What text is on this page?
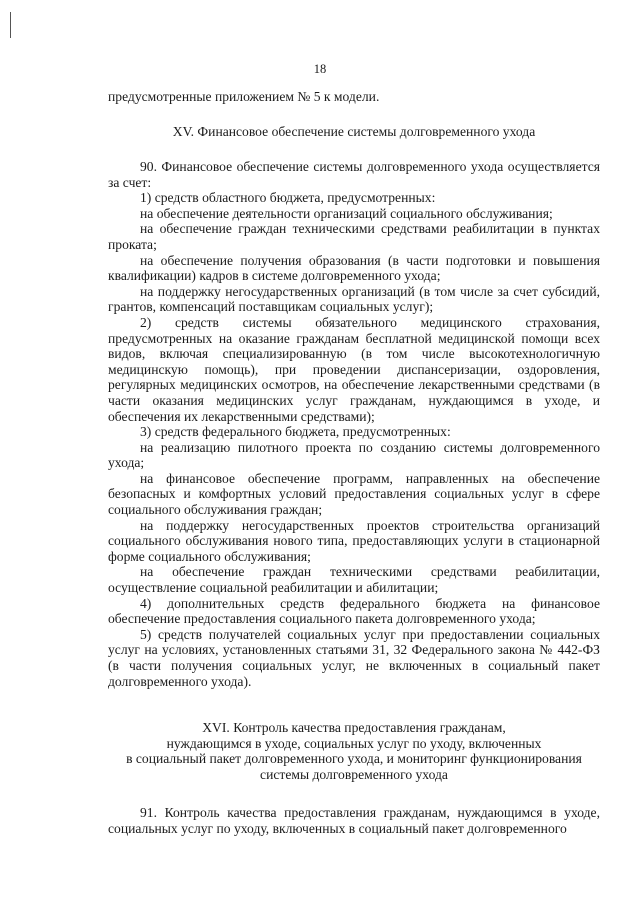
18

предусмотренные приложением № 5 к модели.

XV. Финансовое обеспечение системы долговременного ухода

90. Финансовое обеспечение системы долговременного ухода осуществляется за счет:

1) средств областного бюджета, предусмотренных:

на обеспечение деятельности организаций социального обслуживания;

на обеспечение граждан техническими средствами реабилитации в пунктах проката;

на обеспечение получения образования (в части подготовки и повышения квалификации) кадров в системе долговременного ухода;

на поддержку негосударственных организаций (в том числе за счет субсидий, грантов, компенсаций поставщикам социальных услуг);

2) средств системы обязательного медицинского страхования, предусмотренных на оказание гражданам бесплатной медицинской помощи всех видов, включая специализированную (в том числе высокотехнологичную медицинскую помощь), при проведении диспансеризации, оздоровления, регулярных медицинских осмотров, на обеспечение лекарственными средствами (в части оказания медицинских услуг гражданам, нуждающимся в уходе, и обеспечения их лекарственными средствами);

3) средств федерального бюджета, предусмотренных:

на реализацию пилотного проекта по созданию системы долговременного ухода;

на финансовое обеспечение программ, направленных на обеспечение безопасных и комфортных условий предоставления социальных услуг в сфере социального обслуживания граждан;

на поддержку негосударственных проектов строительства организаций социального обслуживания нового типа, предоставляющих услуги в стационарной форме социального обслуживания;

на обеспечение граждан техническими средствами реабилитации, осуществление социальной реабилитации и абилитации;

4) дополнительных средств федерального бюджета на финансовое обеспечение предоставления социального пакета долговременного ухода;

5) средств получателей социальных услуг при предоставлении социальных услуг на условиях, установленных статьями 31, 32 Федерального закона № 442-ФЗ (в части получения социальных услуг, не включенных в социальный пакет долговременного ухода).

XVI. Контроль качества предоставления гражданам,

нуждающимся в уходе, социальных услуг по уходу, включенных

в социальный пакет долговременного ухода, и мониторинг функционирования

системы долговременного ухода

91. Контроль качества предоставления гражданам, нуждающимся в уходе, социальных услуг по уходу, включенных в социальный пакет долговременного
